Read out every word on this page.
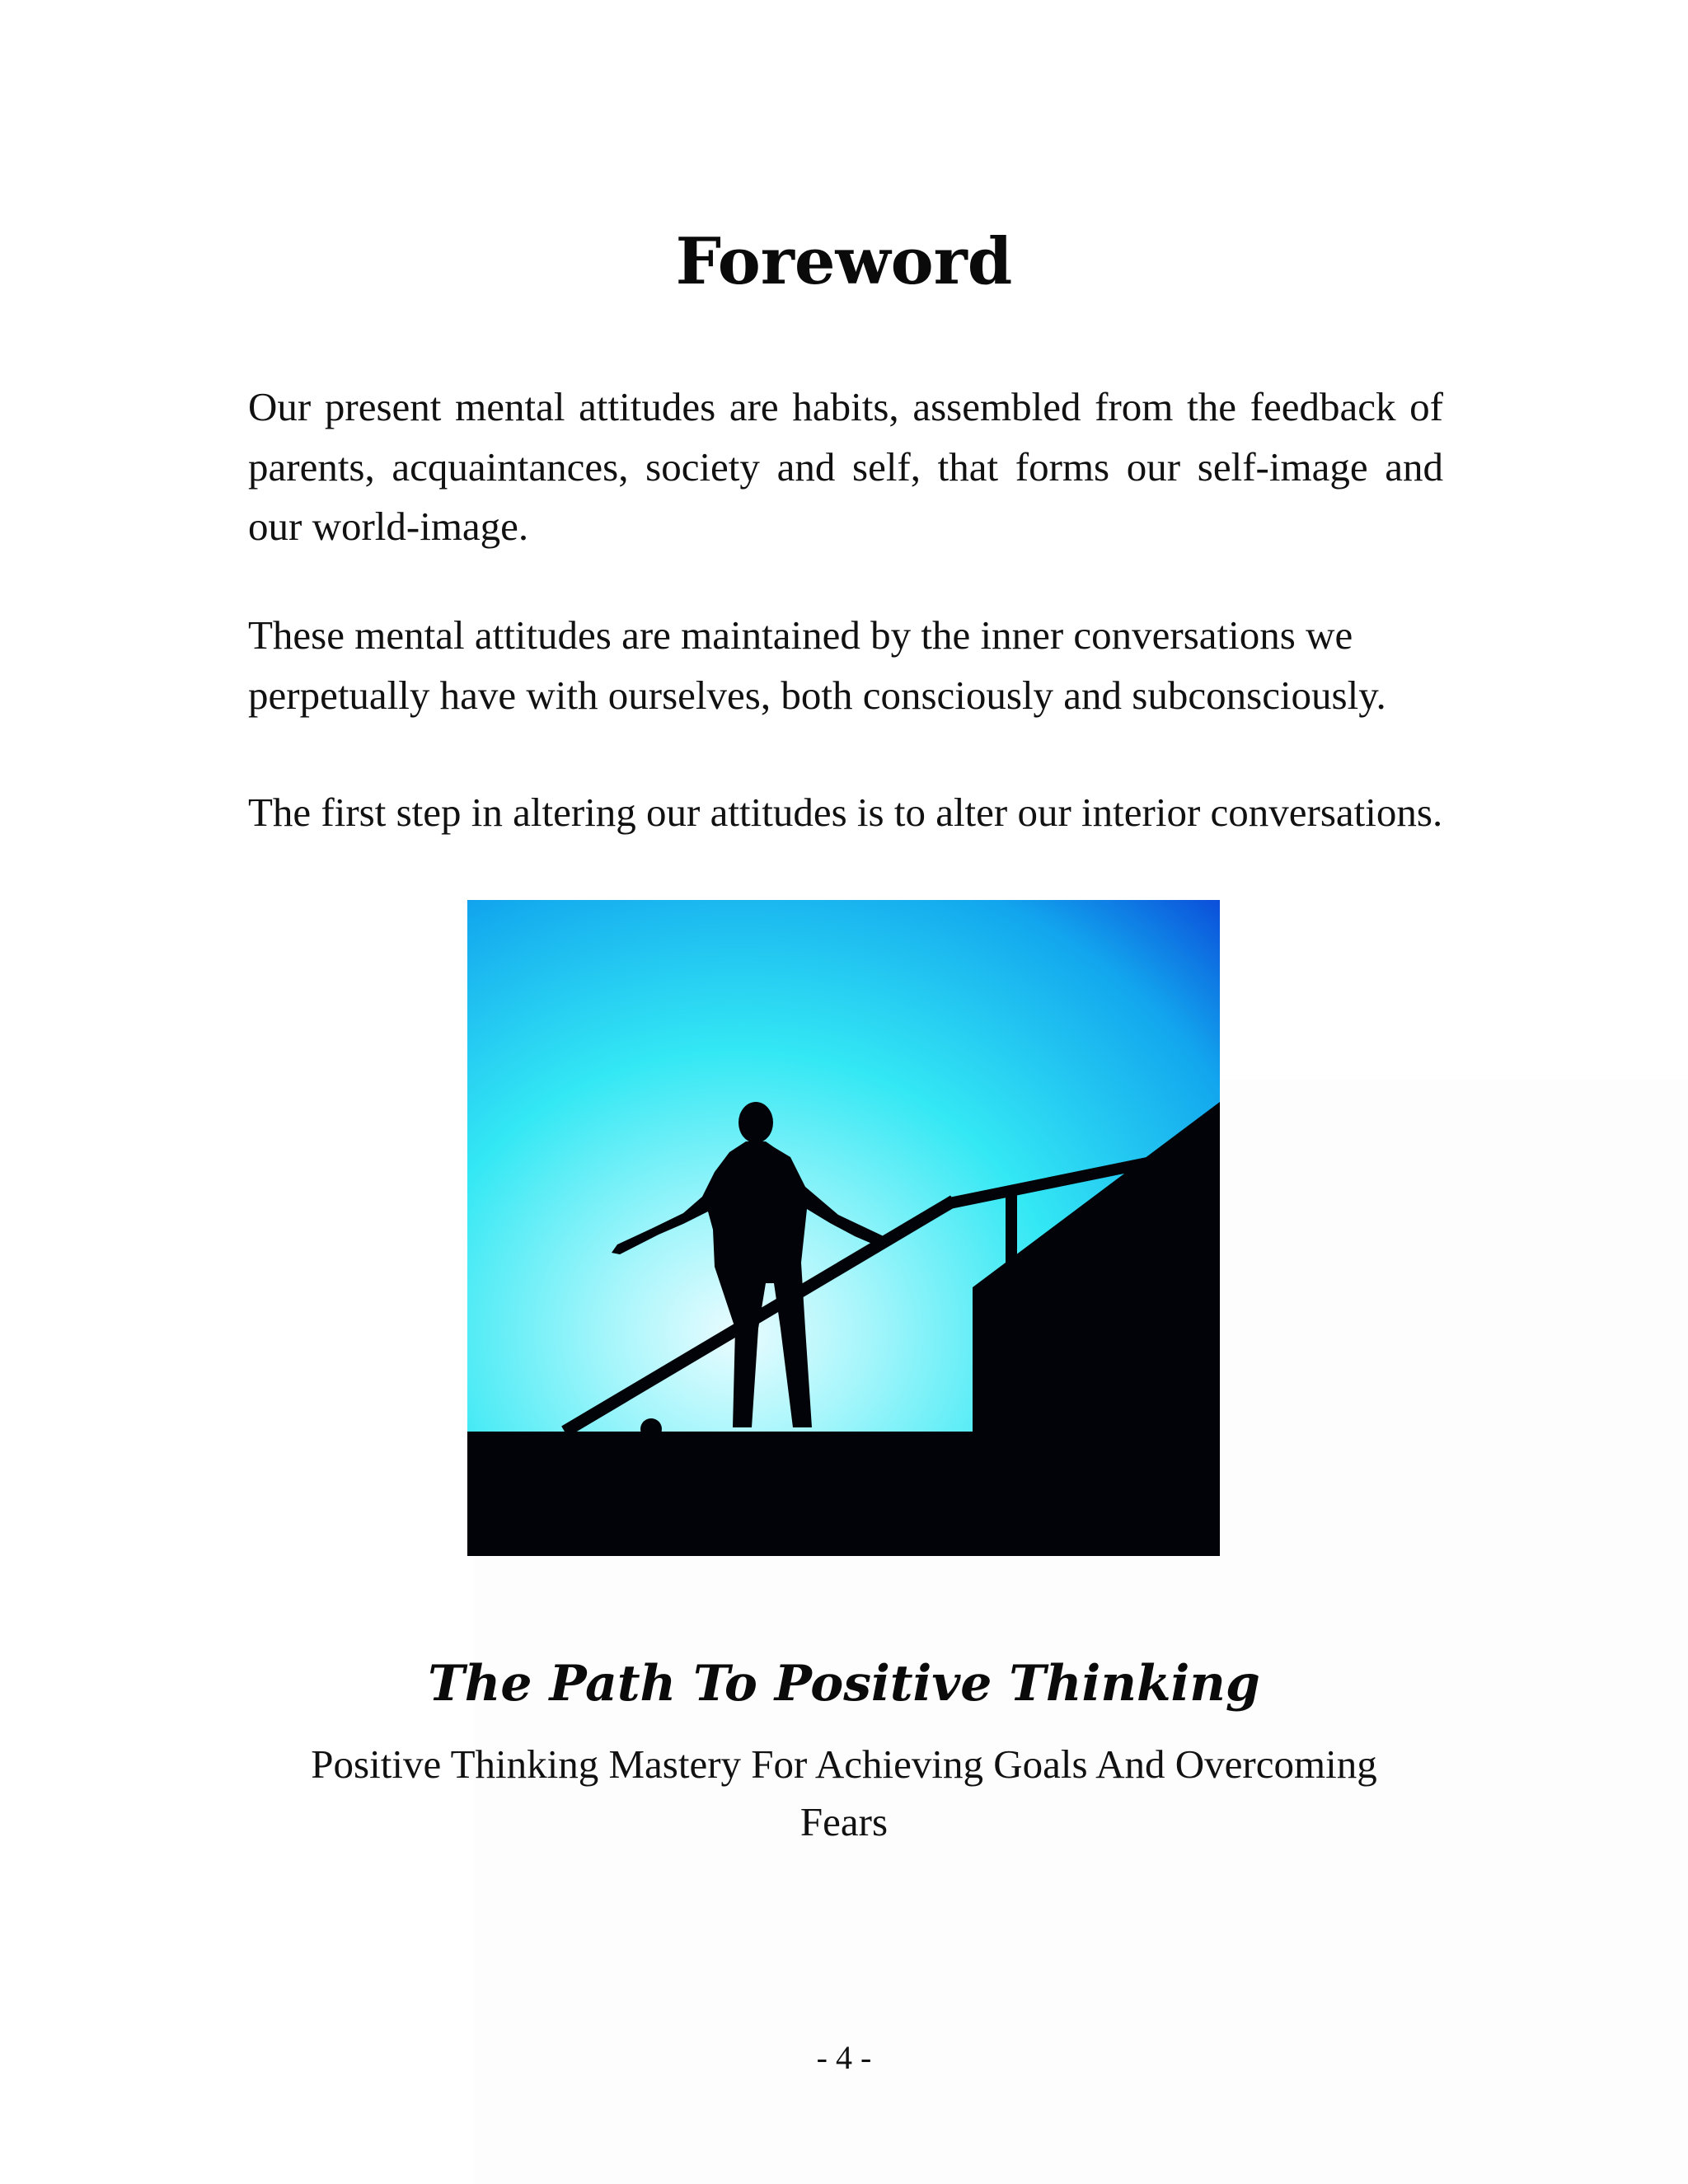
Foreword

Our present mental attitudes are habits, assembled from the feedback of parents, acquaintances, society and self, that forms our self-image and our world-image.

These mental attitudes are maintained by the inner conversations we perpetually have with ourselves, both consciously and subconsciously.

The first step in altering our attitudes is to alter our interior conversations.

The Path To Positive Thinking

Positive Thinking Mastery For Achieving Goals And Overcoming Fears

- 4 -
